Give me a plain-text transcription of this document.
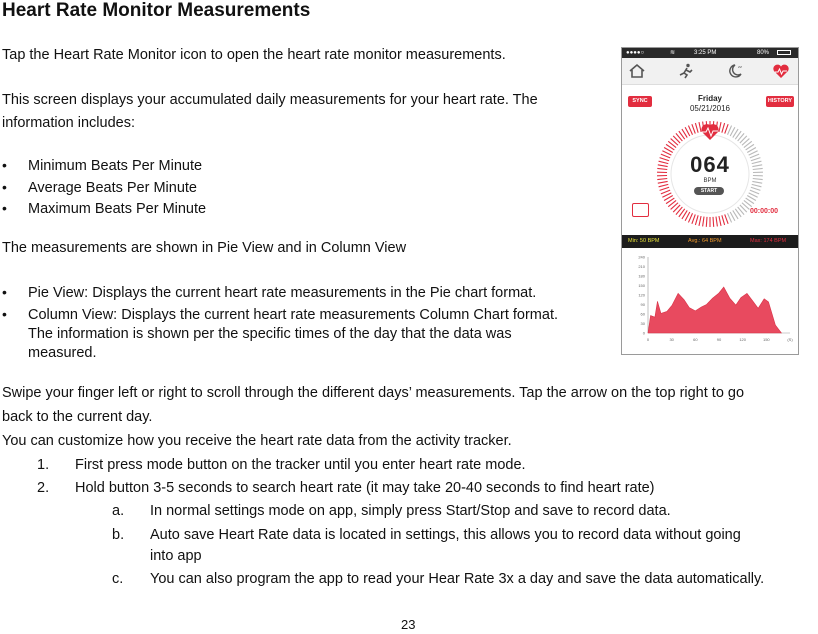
Heart Rate Monitor Measurements
Tap the Heart Rate Monitor icon to open the heart rate monitor measurements.
This screen displays your accumulated daily measurements for your heart rate. The
information includes:
• Minimum Beats Per Minute
• Average Beats Per Minute
• Maximum Beats Per Minute
The measurements are shown in Pie View and in Column View
• Pie View: Displays the current heart rate measurements in the Pie chart format.
• Column View: Displays the current heart rate measurements Column Chart format.
The information is shown per the specific times of the day that the data was
measured.
Swipe your finger left or right to scroll through the different days’ measurements. Tap the arrow on the top right to go
back to the current day.
You can customize how you receive the heart rate data from the activity tracker.
1. First press mode button on the tracker until you enter heart rate mode.
2. Hold button 3-5 seconds to search heart rate (it may take 20-40 seconds to find heart rate)
a. In normal settings mode on app, simply press Start/Stop and save to record data.
b. Auto save Heart Rate data is located in settings, this allows you to record data without going
into app
c. You can also program the app to read your Hear Rate 3x a day and save the data automatically.
23
●●●●○	≋	3:25 PM	80%
zz
SYNC	Friday
05/21/2016
HISTORY
064
BPM
START
00:00:00
Min: 50 BPM	Avg.: 64 BPM	Max: 174 BPM
0
30
60
90
120
150
180
210
240
0	30	60	90	120	150	(S)
